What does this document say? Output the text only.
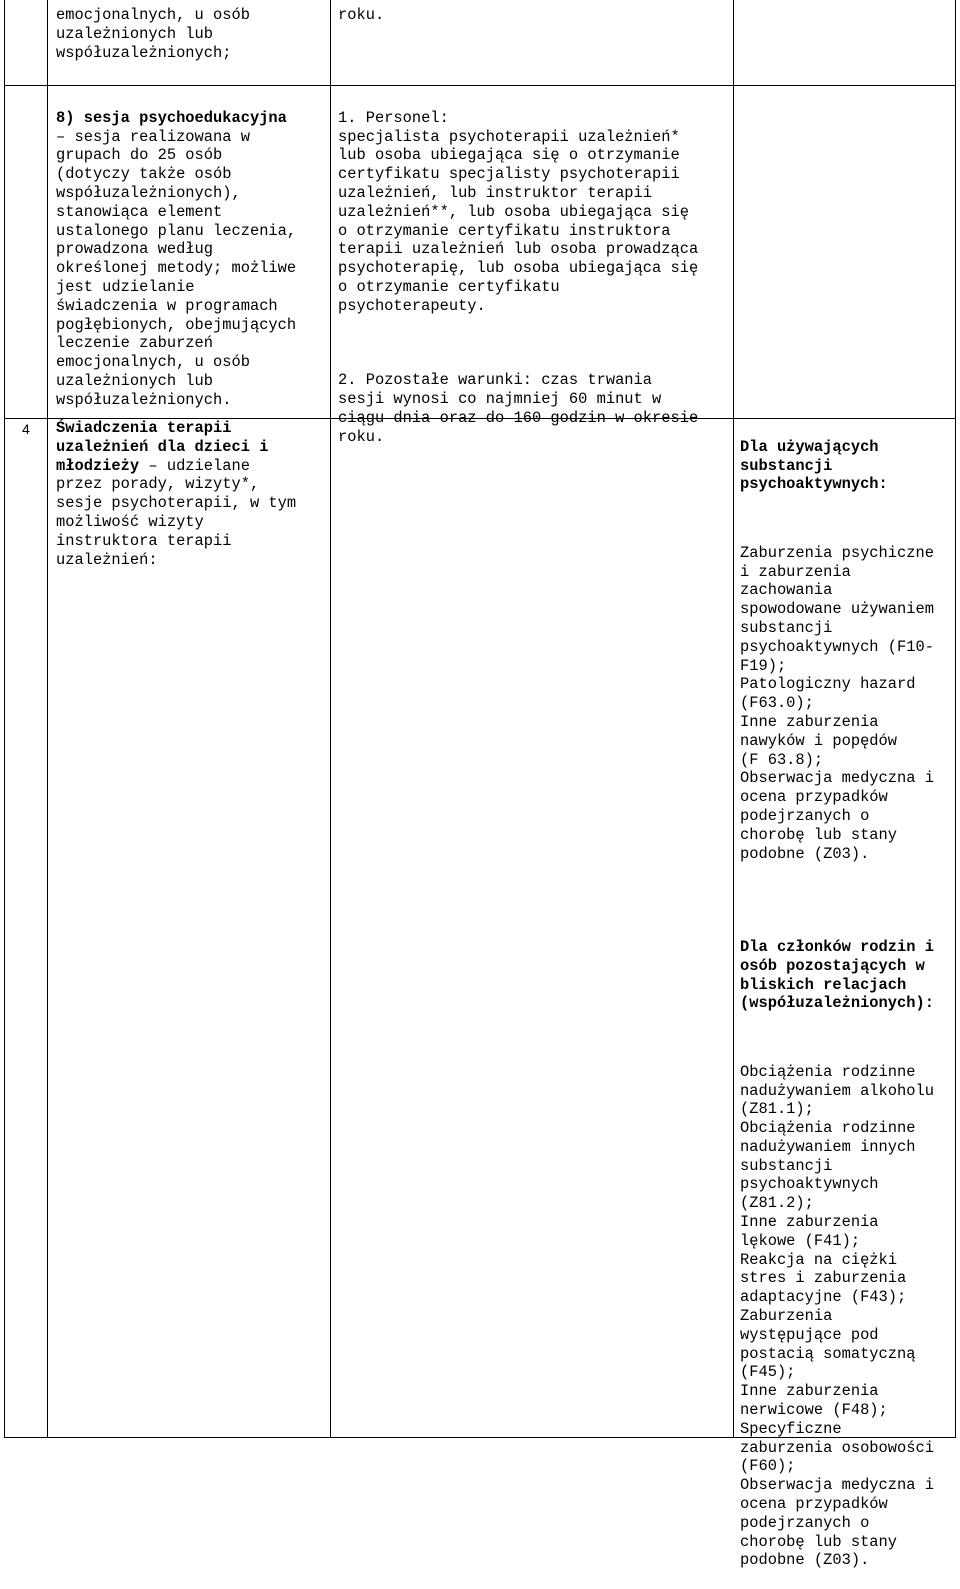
emocjonalnych, u osób
uzależnionych lub
współuzależnionych;
roku.

8) sesja psychoedukacyjna

– sesja realizowana w
grupach do 25 osób
(dotyczy także osób
współuzależnionych),
stanowiąca element
ustalonego planu leczenia,
prowadzona według
określonej metody; możliwe
jest udzielanie
świadczenia w programach
pogłębionych, obejmujących
leczenie zaburzeń
emocjonalnych, u osób
uzależnionych lub
współuzależnionych.

1. Personel:
specjalista psychoterapii uzależnień*
lub osoba ubiegająca się o otrzymanie
certyfikatu specjalisty psychoterapii
uzależnień, lub instruktor terapii
uzależnień**, lub osoba ubiegająca się
o otrzymanie certyfikatu instruktora
terapii uzależnień lub osoba prowadząca
psychoterapię, lub osoba ubiegająca się
o otrzymanie certyfikatu
psychoterapeuty.

2. Pozostałe warunki: czas trwania
sesji wynosi co najmniej 60 minut w
ciągu dnia oraz do 160 godzin w okresie
roku.

4 Świadczenia terapii
uzależnień dla dzieci i
młodzieży – udzielane
przez porady, wizyty*,
sesje psychoterapii, w tym
możliwość wizyty
instruktora terapii
uzależnień:

Dla używających
substancji
psychoaktywnych:

Zaburzenia psychiczne
i zaburzenia
zachowania
spowodowane używaniem
substancji
psychoaktywnych (F10-
F19);
Patologiczny hazard
(F63.0);
Inne zaburzenia
nawyków i popędów
(F 63.8);
Obserwacja medyczna i
ocena przypadków
podejrzanych o
chorobę lub stany
podobne (Z03).

Dla członków rodzin i
osób pozostających w
bliskich relacjach
(współuzależnionych):

Obciążenia rodzinne
nadużywaniem alkoholu
(Z81.1);
Obciążenia rodzinne
nadużywaniem innych
substancji
psychoaktywnych
(Z81.2);
Inne zaburzenia
lękowe (F41);
Reakcja na ciężki
stres i zaburzenia
adaptacyjne (F43);
Zaburzenia
występujące pod
postacią somatyczną
(F45);
Inne zaburzenia
nerwicowe (F48);
Specyficzne
zaburzenia osobowości
(F60);
Obserwacja medyczna i
ocena przypadków
podejrzanych o
chorobę lub stany
podobne (Z03).
